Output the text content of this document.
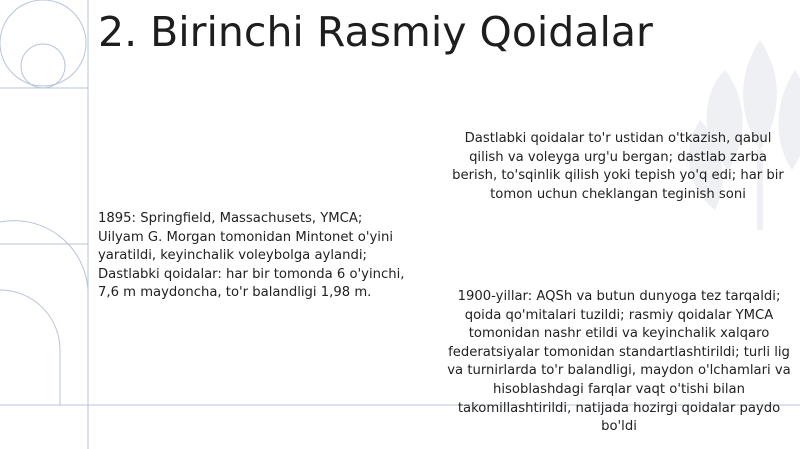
2. Birinchi Rasmiy Qoidalar

Dastlabki qoidalar to'r ustidan o'tkazish, qabul qilish va voleyga urg'u bergan; dastlab zarba berish, to'sqinlik qilish yoki tepish yo'q edi; har bir tomon uchun cheklangan teginish soni

1895: Springfield, Massachusets, YMCA; Uilyam G. Morgan tomonidan Mintonet o'yini yaratildi, keyinchalik voleybolga aylandi; Dastlabki qoidalar: har bir tomonda 6 o'yinchi, 7,6 m maydoncha, to'r balandligi 1,98 m.	1900-yillar: AQSh va butun dunyoga tez tarqaldi; qoida qo'mitalari tuzildi; rasmiy qoidalar YMCA tomonidan nashr etildi va keyinchalik xalqaro federatsiyalar tomonidan standartlashtirildi; turli lig va turnirlarda to'r balandligi, maydon o'lchamlari va hisoblashdagi farqlar vaqt o'tishi bilan takomillashtirildi, natijada hozirgi qoidalar paydo bo'ldi
